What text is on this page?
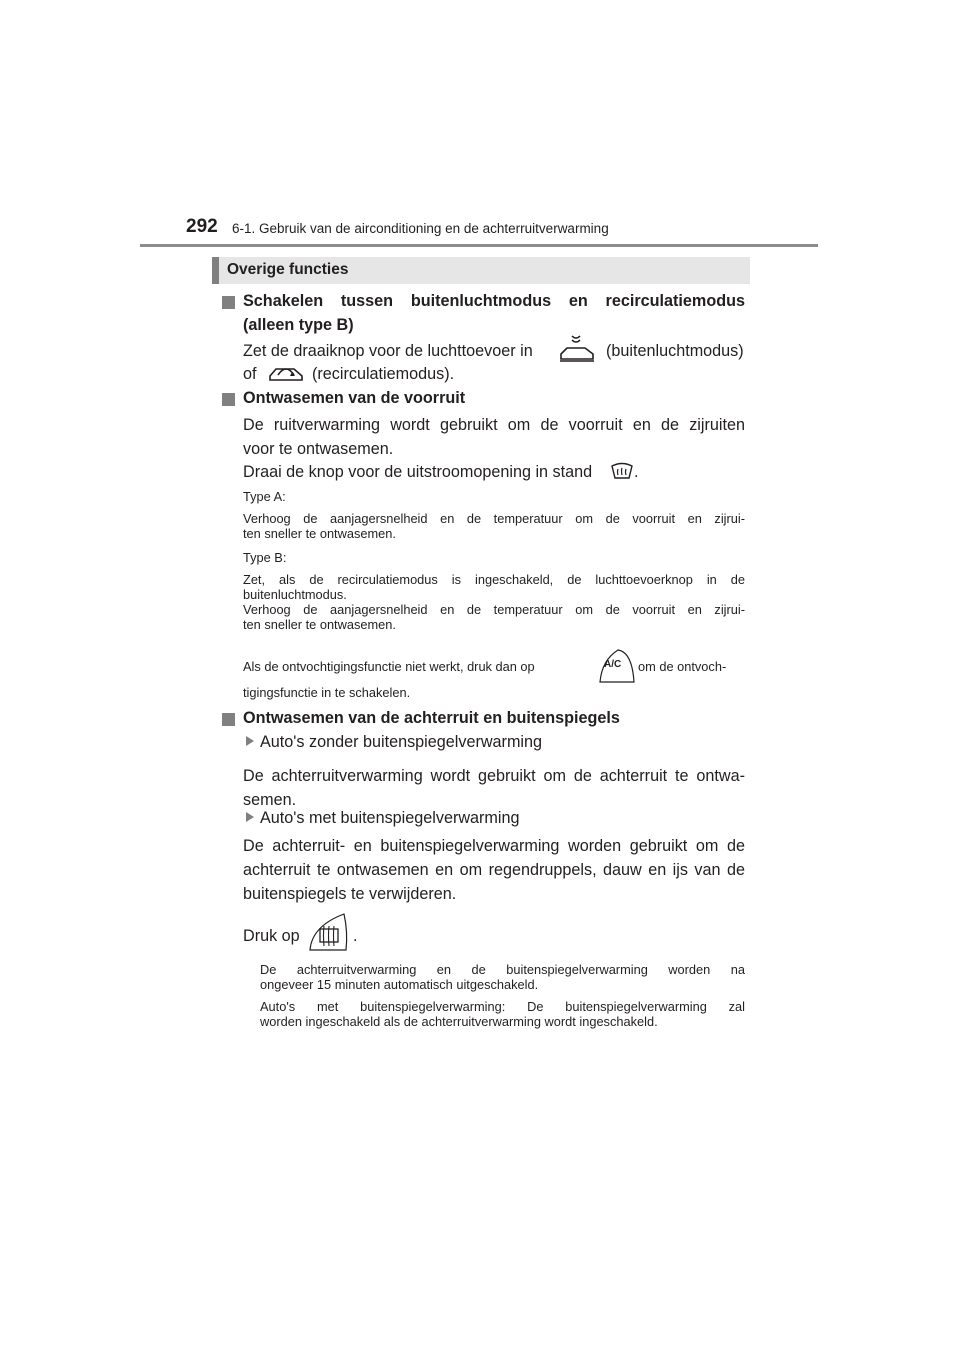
292 6-1. Gebruik van de airconditioning en de achterruitverwarming
Overige functies
Schakelen tussen buitenluchtmodus en recirculatiemodus
(alleen type B)
Zet de draaiknop voor de luchttoevoer in	(buitenluchtmodus)
of	(recirculatiemodus).
Ontwasemen van de voorruit
De ruitverwarming wordt gebruikt om de voorruit en de zijruiten
voor te ontwasemen.
Draai de knop voor de uitstroomopening in stand	.
Type A:
Verhoog de aanjagersnelheid en de temperatuur om de voorruit en zijrui-
ten sneller te ontwasemen.
Type B:
Zet, als de recirculatiemodus is ingeschakeld, de luchttoevoerknop in de
buitenluchtmodus.
Verhoog de aanjagersnelheid en de temperatuur om de voorruit en zijrui-
ten sneller te ontwasemen.
Als de ontvochtigingsfunctie niet werkt, druk dan op	A/C om de ontvoch-
tigingsfunctie in te schakelen.
Ontwasemen van de achterruit en buitenspiegels
Auto's zonder buitenspiegelverwarming
De achterruitverwarming wordt gebruikt om de achterruit te ontwa-
semen.
Auto's met buitenspiegelverwarming
De achterruit- en buitenspiegelverwarming worden gebruikt om de
achterruit te ontwasemen en om regendruppels, dauw en ijs van de
buitenspiegels te verwijderen.
Druk op	.
De achterruitverwarming en de buitenspiegelverwarming worden na
ongeveer 15 minuten automatisch uitgeschakeld.
Auto's met buitenspiegelverwarming: De buitenspiegelverwarming zal
worden ingeschakeld als de achterruitverwarming wordt ingeschakeld.
